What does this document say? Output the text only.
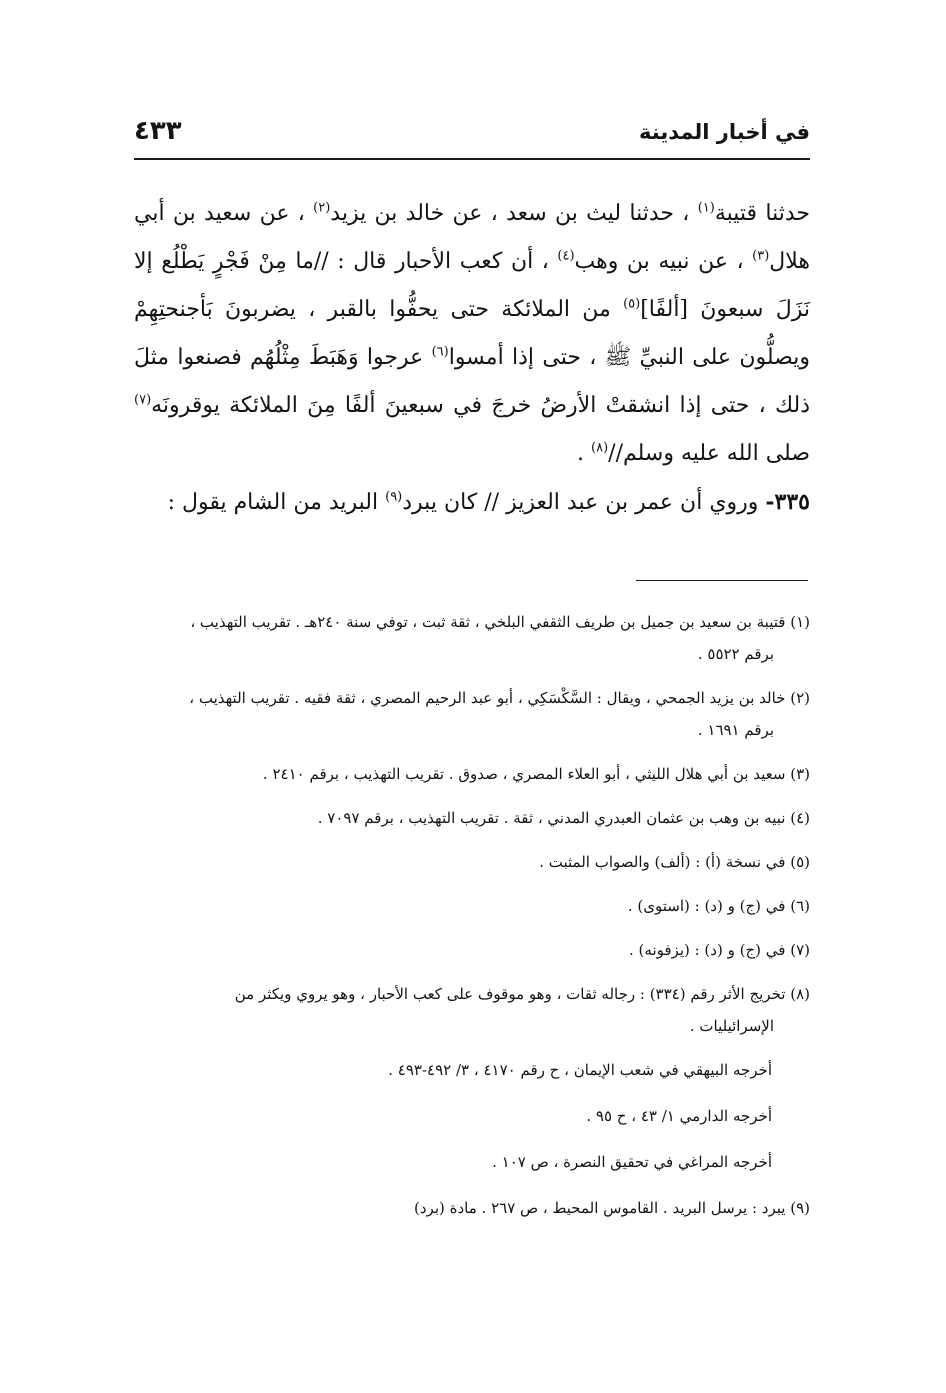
في أخبار المدينة
٤٣٣

حدثنا قتيبة$^{(١)}$ ، حدثنا ليث بن سعد ، عن خالد بن يزيد$^{(٢)}$ ، عن سعيد بن أبي هلال$^{(٣)}$ ، عن نبيه بن وهب$^{(٤)}$ ، أن كعب الأحبار قال : //ما مِنْ فَجْرٍ يَطْلُع إلا نَزَلَ سبعونَ [ألفًا]$^{(٥)}$ من الملائكة حتى يحفُّوا بالقبر ، يضربونَ بَأجنحتِهِمْ ويصلُّون على النبيِّ ﷺ ، حتى إذا أمسوا$^{(٦)}$ عرجوا وَهَبَطَ مِثْلُهُم فصنعوا مثلَ ذلك ، حتى إذا انشقتْ الأرضُ خرجَ في سبعينَ ألفًا مِنَ الملائكة يوقرونَه$^{(٧)}$ صلى الله عليه وسلم//$^{(٨)}$ .

٣٣٥- وروي أن عمر بن عبد العزيز // كان يبرد$^{(٩)}$ البريد من الشام يقول :

(١) قتيبة بن سعيد بن جميل بن طريف الثقفي البلخي ، ثقة ثبت ، توفي سنة ٢٤٠هـ . تقريب التهذيب ،
برقم ٥٥٢٢ .

(٢) خالد بن يزيد الجمحي ، ويقال : السَّكْسَكِي ، أبو عبد الرحيم المصري ، ثقة فقيه . تقريب التهذيب ،
برقم ١٦٩١ .

(٣) سعيد بن أبي هلال الليثي ، أبو العلاء المصري ، صدوق . تقريب التهذيب ، برقم ٢٤١٠ .

(٤) نبيه بن وهب بن عثمان العبدري المدني ، ثقة . تقريب التهذيب ، برقم ٧٠٩٧ .

(٥) في نسخة (أ) : (ألف) والصواب المثبت .

(٦) في (ج) و (د) : (استوى) .

(٧) في (ج) و (د) : (يزفونه) .

(٨) تخريج الأثر رقم (٣٣٤) : رجاله ثقات ، وهو موقوف على كعب الأحبار ، وهو يروي ويكثر من
الإسرائيليات .

أخرجه البيهقي في شعب الإيمان ، ح رقم ٤١٧٠ ، ٣/ ٤٩٢-٤٩٣ .

أخرجه الدارمي ١/ ٤٣ ، ح ٩٥ .

أخرجه المراغي في تحقيق النصرة ، ص ١٠٧ .

(٩) يبرد : يرسل البريد . القاموس المحيط ، ص ٢٦٧ . مادة (برد)
